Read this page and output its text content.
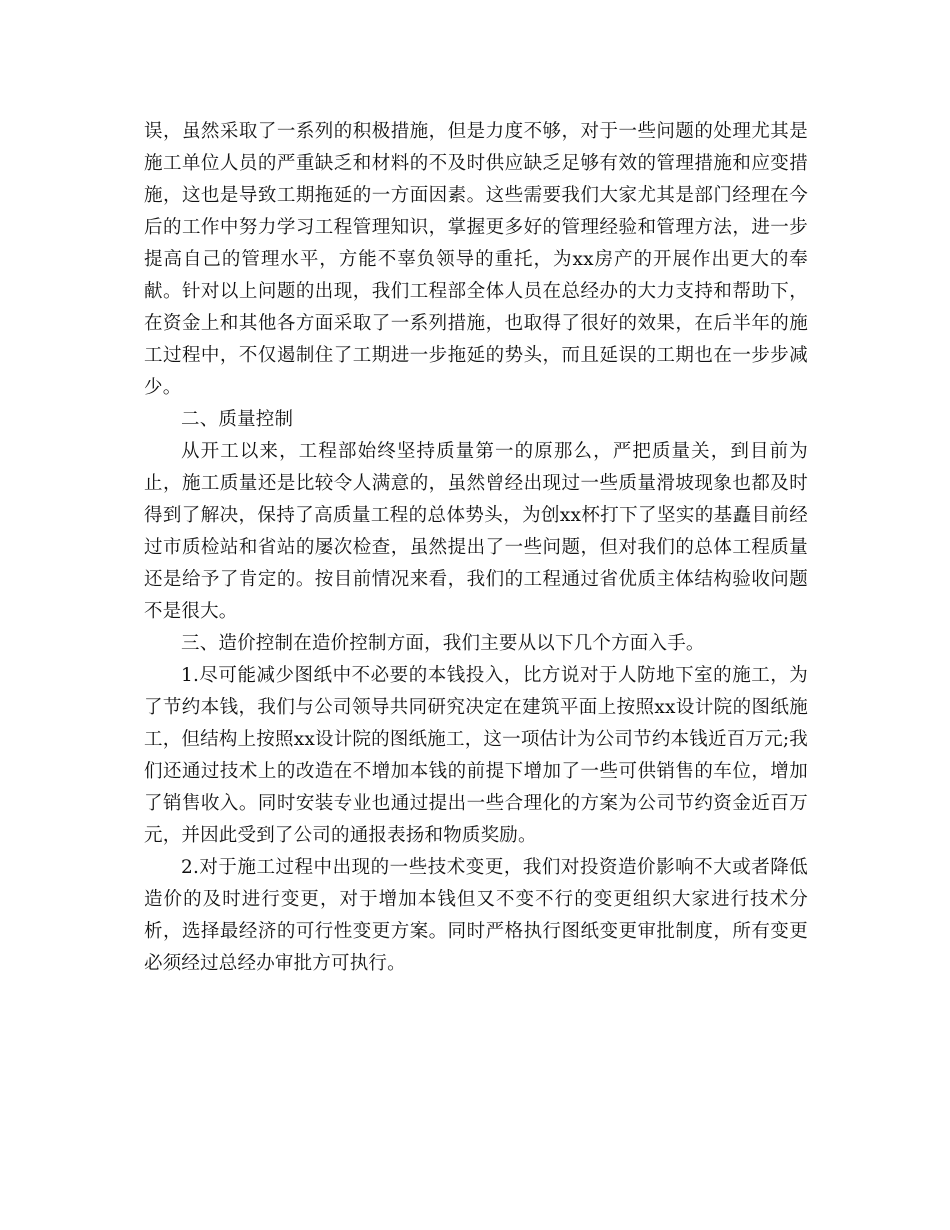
误，虽然采取了一系列的积极措施，但是力度不够，对于一些问题的处理尤其是施工单位人员的严重缺乏和材料的不及时供应缺乏足够有效的管理措施和应变措施，这也是导致工期拖延的一方面因素。这些需要我们大家尤其是部门经理在今后的工作中努力学习工程管理知识，掌握更多好的管理经验和管理方法，进一步提高自己的管理水平，方能不辜负领导的重托，为xx房产的开展作出更大的奉献。针对以上问题的出现，我们工程部全体人员在总经办的大力支持和帮助下，在资金上和其他各方面采取了一系列措施，也取得了很好的效果，在后半年的施工过程中，不仅遏制住了工期进一步拖延的势头，而且延误的工期也在一步步减少。

二、质量控制

从开工以来，工程部始终坚持质量第一的原那么，严把质量关，到目前为止，施工质量还是比较令人满意的，虽然曾经出现过一些质量滑坡现象也都及时得到了解决，保持了高质量工程的总体势头，为创xx杯打下了坚实的基矗目前经过市质检站和省站的屡次检查，虽然提出了一些问题，但对我们的总体工程质量还是给予了肯定的。按目前情况来看，我们的工程通过省优质主体结构验收问题不是很大。

三、造价控制在造价控制方面，我们主要从以下几个方面入手。

1.尽可能减少图纸中不必要的本钱投入，比方说对于人防地下室的施工，为了节约本钱，我们与公司领导共同研究决定在建筑平面上按照xx设计院的图纸施工，但结构上按照xx设计院的图纸施工，这一项估计为公司节约本钱近百万元;我们还通过技术上的改造在不增加本钱的前提下增加了一些可供销售的车位，增加了销售收入。同时安装专业也通过提出一些合理化的方案为公司节约资金近百万元，并因此受到了公司的通报表扬和物质奖励。

2.对于施工过程中出现的一些技术变更，我们对投资造价影响不大或者降低造价的及时进行变更，对于增加本钱但又不变不行的变更组织大家进行技术分析，选择最经济的可行性变更方案。同时严格执行图纸变更审批制度，所有变更必须经过总经办审批方可执行。
